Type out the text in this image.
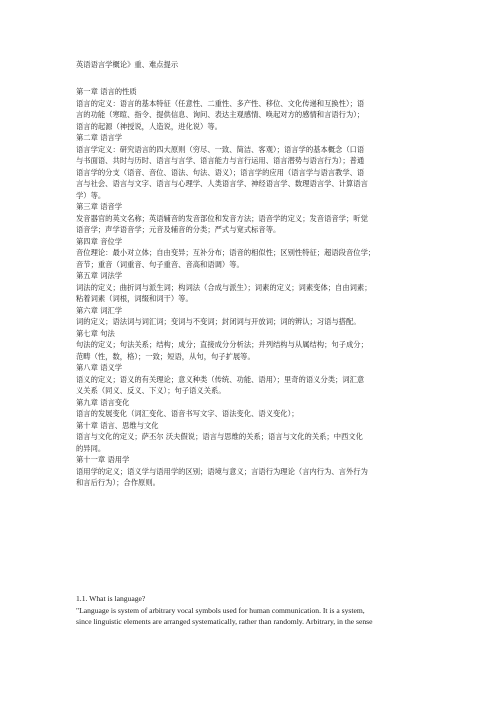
英语语言学概论》重、难点提示
第一章 语言的性质
语言的定义：语言的基本特征（任意性、二重性、多产性、移位、文化传递和互换性）；语
言的功能（寒暄、指令、提供信息、询问、表达主观感情、唤起对方的感情和言语行为）；
语言的起源（神授说，人造说，进化说）等。
第二章 语言学
语言学定义：研究语言的四大原则（穷尽、一致、简洁、客观）；语言学的基本概念（口语
与书面语、共时与历时、语言与言学、语言能力与言行运用、语言潜势与语言行为）；普通
语言学的分支（语音、音位、语法、句法、语义）；语言学的应用（语言学与语言教学、语
言与社会、语言与文字、语言与心理学、人类语言学、神经语言学、数理语言学、计算语言
学）等。
第三章 语音学
发音器官的英文名称；英语辅音的发音部位和发音方法；语音学的定义；发音语音学；听觉
语音学；声学语音学；元音及辅音的分类；严式与宽式标音等。
第四章 音位学
音位理论：最小对立体；自由变异；互补分布；语音的相似性；区别性特征；超语段音位学；
音节；重音（词重音、句子重音、音高和语调）等。
第五章 词法学
词法的定义；曲折词与派生词；构词法（合成与派生）；词素的定义；词素变体；自由词素；
粘着词素（词根，词缀和词干）等。
第六章 词汇学
词的定义；语法词与词汇词；变词与不变词；封闭词与开放词；词的辨认；习语与搭配。
第七章 句法
句法的定义；句法关系；结构；成分；直接成分分析法；并列结构与从属结构；句子成分；
范畴（性，数，格）；一致；短语，从句，句子扩展等。
第八章 语义学
语义的定义；语义的有关理论；意义种类（传统、功能、语用）；里奇的语义分类；词汇意
义关系（同义、反义、下义）；句子语义关系。
第九章 语言变化
语言的发展变化（词汇变化、语音书写文字、语法变化、语义变化）；
第十章 语言、思维与文化
语言与文化的定义；萨丕尔 沃夫假说；语言与思维的关系；语言与文化的关系；中西文化
的异同。
第十一章 语用学
语用学的定义；语义学与语用学的区别；语境与意义；言语行为理论（言内行为、言外行为
和言后行为）；合作原则。
1.1. What is language?
"Language is system of arbitrary vocal symbols used for human communication. It is a system,
since linguistic elements are arranged systematically, rather than randomly. Arbitrary, in the sense
